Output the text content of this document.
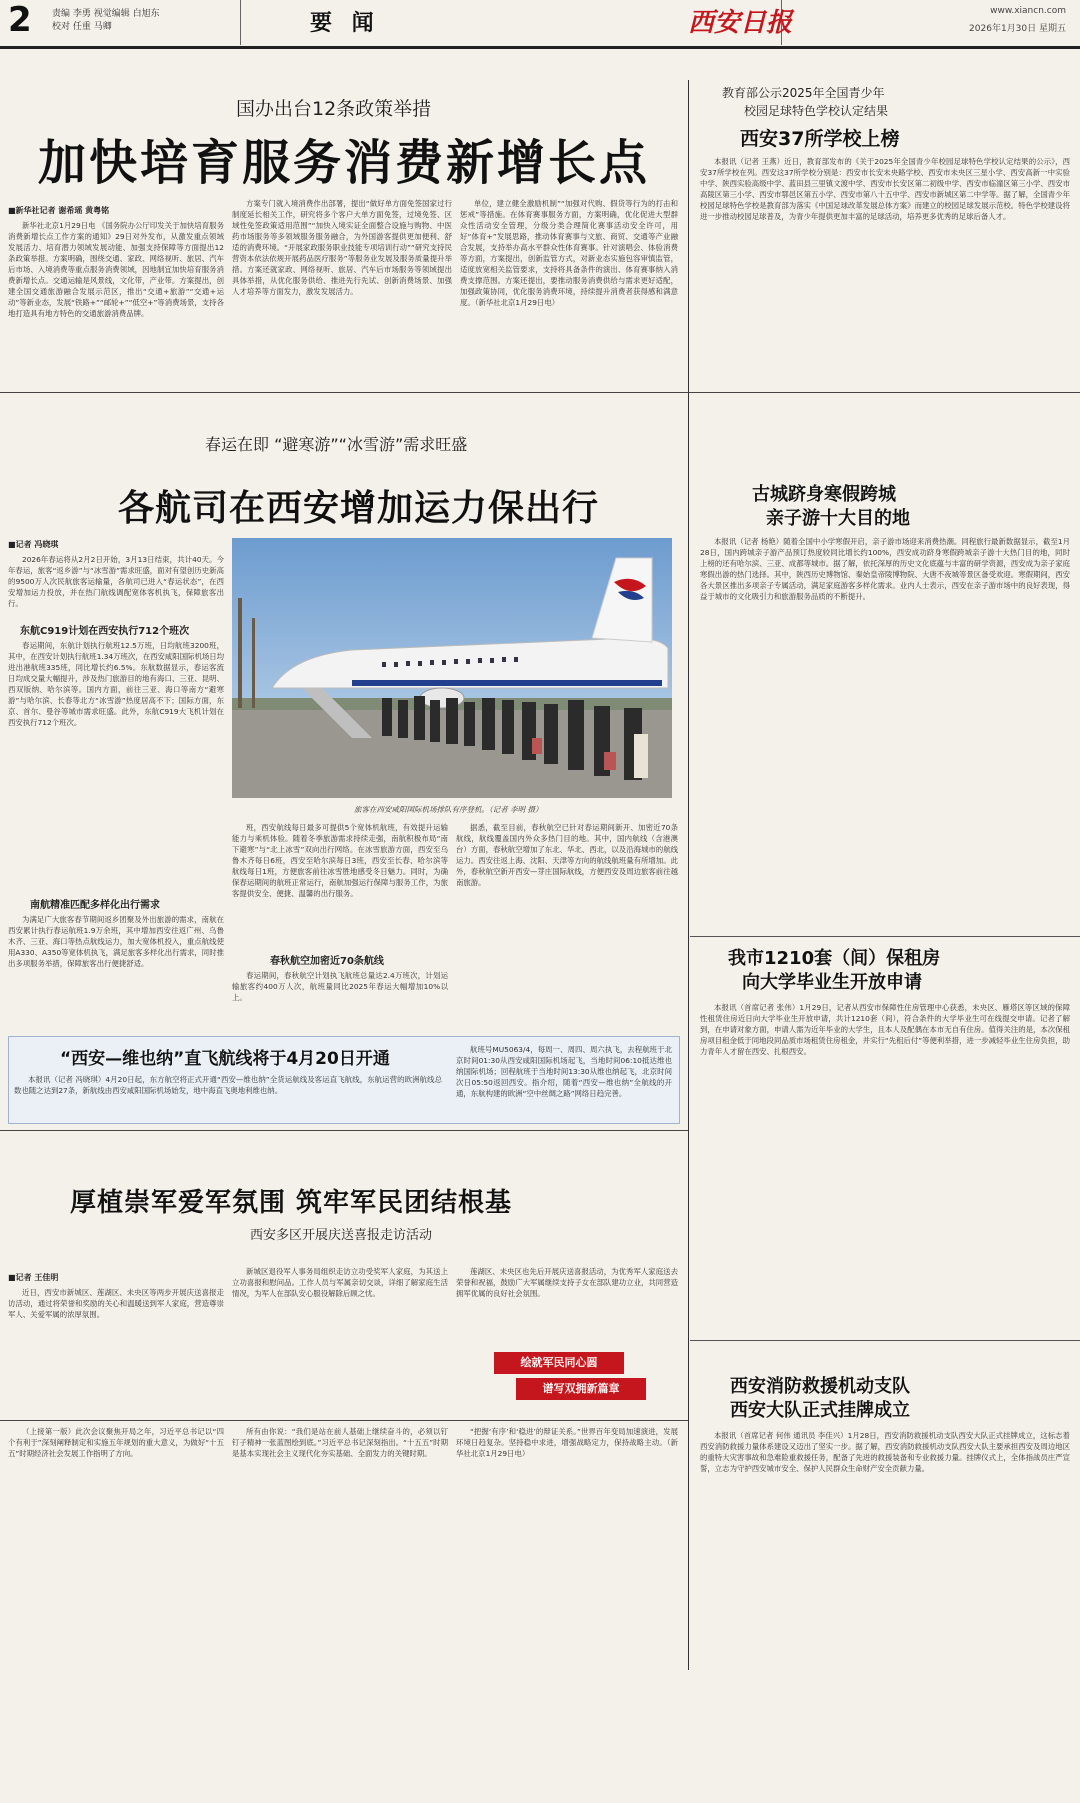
2 责编 李勇 视觉编辑 白旭东
校对 任重 马卿	要 闻	西安日报	www.xiancn.com
2026年1月30日 星期五
国办出台12条政策举措
加快培育服务消费新增长点
■新华社记者 谢希瑶 黄粤铭

新华社北京1月29日电 《国务院办公厅印发关于加快培育服务消费新增长点工作方案的通知》29日对外发布，从激发重点领域发展活力、培育潜力领域发展动能、加强支持保障等方面提出12条政策举措。方案明确，围绕交通、家政、网络视听、旅居、汽车后市场、入境消费等重点服务消费领域，因地制宜加快培育服务消费新增长点。交通运输是风景线，文化带，产业带。方案提出，创建全国交通旅游融合发展示范区，推出“交通+旅游”“交通+运动”等新业态，发展“铁路+”“邮轮+”“低空+”等消费场景，支持各地打造具有地方特色的交通旅游消费品牌。

方案专门就入境消费作出部署，提出“做好单方面免签国家过行制度延长相关工作，研究将多个客户大单方面免签，过境免签、区域性免签政策适用范围”“加快入境实证全面整合设施与购物、中医药市场服务等多领域服务服务融合，为外国游客提供更加便利、舒适的消费环境。“开展家政服务职业技能专项培训行动”“研究支持民营资本依法依规开展药品医疗服务”等服务业发展及服务质量提升举措。方案还就家政、网络视听、旅居、汽车后市场服务等领域提出具体举措，从优化服务供给、推进先行先试、创新消费场景、加强人才培养等方面发力，激发发展活力。

单位，建立健全激励机制”“加强对代购、假货等行为的打击和惩戒”等措施。在体育赛事服务方面，方案明确，优化促进大型群众性活动安全管理，分级分类合理简化赛事活动安全许可，用好“体育+”发展思路，推动体育赛事与文旅、商贸、交通等产业融合发展，支持举办高水平群众性体育赛事。针对演唱会、体验消费等方面，方案提出，创新监管方式，对新业态实施包容审慎监管，适度放宽相关监管要求，支持将具备条件的演出、体育赛事纳入消费支撑范围。方案还提出，要推动服务消费供给与需求更好适配，加强政策协同，优化服务消费环境，持续提升消费者获得感和满意度。（新华社北京1月29日电）

教育部公示2025年全国青少年
校园足球特色学校认定结果
西安37所学校上榜

本报讯（记者 王燕）近日，教育部发布的《关于2025年全国青少年校园足球特色学校认定结果的公示》，西安37所学校在列。西安这37所学校分别是：西安市长安未央路学校、西安市未央区三星小学、西安高新一中实验中学、陕西实验高级中学、蓝田县三里镇文渡中学、西安市长安区第二初级中学、西安市临潼区第三小学、西安市高陵区第三小学、西安市鄠邑区第五小学、西安市第八十五中学、西安市新城区第二中学等。据了解，全国青少年校园足球特色学校是教育部为落实《中国足球改革发展总体方案》而建立的校园足球发展示范校。特色学校建设将进一步推动校园足球普及，为青少年提供更加丰富的足球活动，培养更多优秀的足球后备人才。

春运在即 “避寒游”“冰雪游”需求旺盛
各航司在西安增加运力保出行
■记者 冯晓琪

2026年春运将从2月2日开始，3月13日结束，共计40天。今年春运，旅客“返乡游”与“冰雪游”需求旺盛，面对有望创历史新高的9500万人次民航旅客运输量，各航司已进入“春运状态”，在西安增加运力投放，并在热门航线调配宽体客机执飞，保障旅客出行。

东航C919计划在西安执行712个班次

春运期间，东航计划执行航班12.5万班，日均航班3200班，其中，在西安计划执行航班1.34万班次，在西安咸阳国际机场日均进出港航班335班，同比增长约6.5%。东航数据显示，春运客流日均成交量大幅提升，涉及热门旅游目的地有海口、三亚、昆明、西双版纳、哈尔滨等。国内方面，前往三亚、海口等南方“避寒游”与哈尔滨、长春等北方“冰雪游”热度居高不下；国际方面，东京、首尔、曼谷等城市需求旺盛。此外，东航C919大飞机计划在西安执行712个班次。

南航精准匹配多样化出行需求

为满足广大旅客春节期间返乡团聚及外出旅游的需求，南航在西安累计执行春运航班1.9万余班，其中增加西安往返广州、乌鲁木齐、三亚、海口等热点航线运力，加大宽体机投入，重点航线使用A330、A350等宽体机执飞，满足旅客多样化出行需求，同时推出多项服务举措，保障旅客出行便捷舒适。

旅客在西安咸阳国际机场排队有序登机。（记者 李明 摄）

班，西安航线每日最多可提供5个宽体机航班，有效提升运输能力与乘机体验。随着冬季旅游需求持续走强，南航积极布局“南下避寒”与“北上冰雪”双向出行网络。在冰雪旅游方面，西安至乌鲁木齐每日6班，西安至哈尔滨每日3班，西安至长春、哈尔滨等航线每日1班，方便旅客前往冰雪胜地感受冬日魅力。同时，为确保春运期间的航班正常运行，南航加强运行保障与服务工作，为旅客提供安全、便捷、温馨的出行服务。

春秋航空加密近70条航线

春运期间，春秋航空计划执飞航班总量达2.4万班次，计划运输旅客约400万人次，航班量同比2025年春运大幅增加10%以上。

据悉，截至目前，春秋航空已针对春运期间新开、加密近70条航线，航线覆盖国内外众多热门目的地。其中，国内航线（含港澳台）方面，春秋航空增加了东北、华北、西北，以及沿海城市的航线运力。西安往返上海、沈阳、天津等方向的航线航班量有所增加。此外，春秋航空新开西安—芽庄国际航线，方便西安及周边旅客前往越南旅游。

古城跻身寒假跨城
亲子游十大目的地

本报讯（记者 杨艳）随着全国中小学寒假开启，亲子游市场迎来消费热潮。同程旅行最新数据显示，截至1月28日，国内跨城亲子游产品预订热度较同比增长约100%，西安成功跻身寒假跨城亲子游十大热门目的地，同时上榜的还有哈尔滨、三亚、成都等城市。据了解，依托深厚的历史文化底蕴与丰富的研学资源，西安成为亲子家庭寒假出游的热门选择。其中，陕西历史博物馆、秦始皇帝陵博物院、大唐不夜城等景区备受欢迎。寒假期间，西安各大景区推出多项亲子专属活动，满足家庭游客多样化需求。业内人士表示，西安在亲子游市场中的良好表现，得益于城市的文化吸引力和旅游服务品质的不断提升。

我市1210套（间）保租房
向大学毕业生开放申请

本报讯（首席记者 张伟）1月29日，记者从西安市保障性住房管理中心获悉，未央区、雁塔区等区域的保障性租赁住房近日向大学毕业生开放申请，共计1210套（间），符合条件的大学毕业生可在线提交申请。记者了解到，在申请对象方面，申请人需为近年毕业的大学生，且本人及配偶在本市无自有住房。值得关注的是，本次保租房项目租金低于同地段同品质市场租赁住房租金，并实行“先租后付”等便利举措，进一步减轻毕业生住房负担，助力青年人才留在西安、扎根西安。

“西安—维也纳”直飞航线将于4月20日开通

本报讯（记者 冯晓琪）4月20日起，东方航空将正式开通“西安—维也纳”全货运航线及客运直飞航线，东航运营的欧洲航线总数也随之达到27条，新航线由西安咸阳国际机场始发，地中海直飞奥地利维也纳。

航班号MU5063/4，每周一、周四、周六执飞，去程航班于北京时间01:30从西安咸阳国际机场起飞，当地时间06:10抵达维也纳国际机场；回程航班于当地时间13:30从维也纳起飞，北京时间次日05:50返回西安。指介绍，随着“西安—维也纳”全航线的开通，东航构建的欧洲“空中丝绸之路”网络日趋完善。

厚植崇军爱军氛围 筑牢军民团结根基
西安多区开展庆送喜报走访活动
■记者 王佳明

近日，西安市新城区、莲湖区、未央区等两步开展庆送喜报走访活动，通过将荣誉和奖励的关心和温暖送到军人家庭，营造尊崇军人、关爱军属的浓厚氛围。

新城区退役军人事务局组织走访立功受奖军人家庭，为其送上立功喜报和慰问品。工作人员与军属亲切交谈，详细了解家庭生活情况，为军人在部队安心服役解除后顾之忧。

莲湖区、未央区也先后开展庆送喜报活动，为优秀军人家庭送去荣誉和祝福，鼓励广大军属继续支持子女在部队建功立业，共同营造拥军优属的良好社会氛围。

绘就军民同心圆
谱写双拥新篇章

（上接第一版）此次会议聚焦开局之年，习近平总书记以“四个有利于”深刻阐释制定和实施五年规划的重大意义，为做好“十五五”时期经济社会发展工作指明了方向。

所有由你说：“我们是站在前人基础上继续奋斗的，必须以钉钉子精神一张蓝图绘到底。”习近平总书记深刻指出。“十五五”时期是基本实现社会主义现代化夯实基础、全面发力的关键时期。

“把握‘有序’和‘稳进’的辩证关系。”世界百年变局加速演进，发展环境日趋复杂。坚持稳中求进，增强战略定力，保持战略主动。（新华社北京1月29日电）

西安消防救援机动支队
西安大队正式挂牌成立

本报讯（首席记者 何伟 通讯员 李佳兴）1月28日，西安消防救援机动支队西安大队正式挂牌成立，这标志着西安消防救援力量体系建设又迈出了坚实一步。据了解，西安消防救援机动支队西安大队主要承担西安及周边地区的重特大灾害事故和急难险重救援任务，配备了先进的救援装备和专业救援力量。挂牌仪式上，全体指战员庄严宣誓，立志为守护西安城市安全、保护人民群众生命财产安全贡献力量。
